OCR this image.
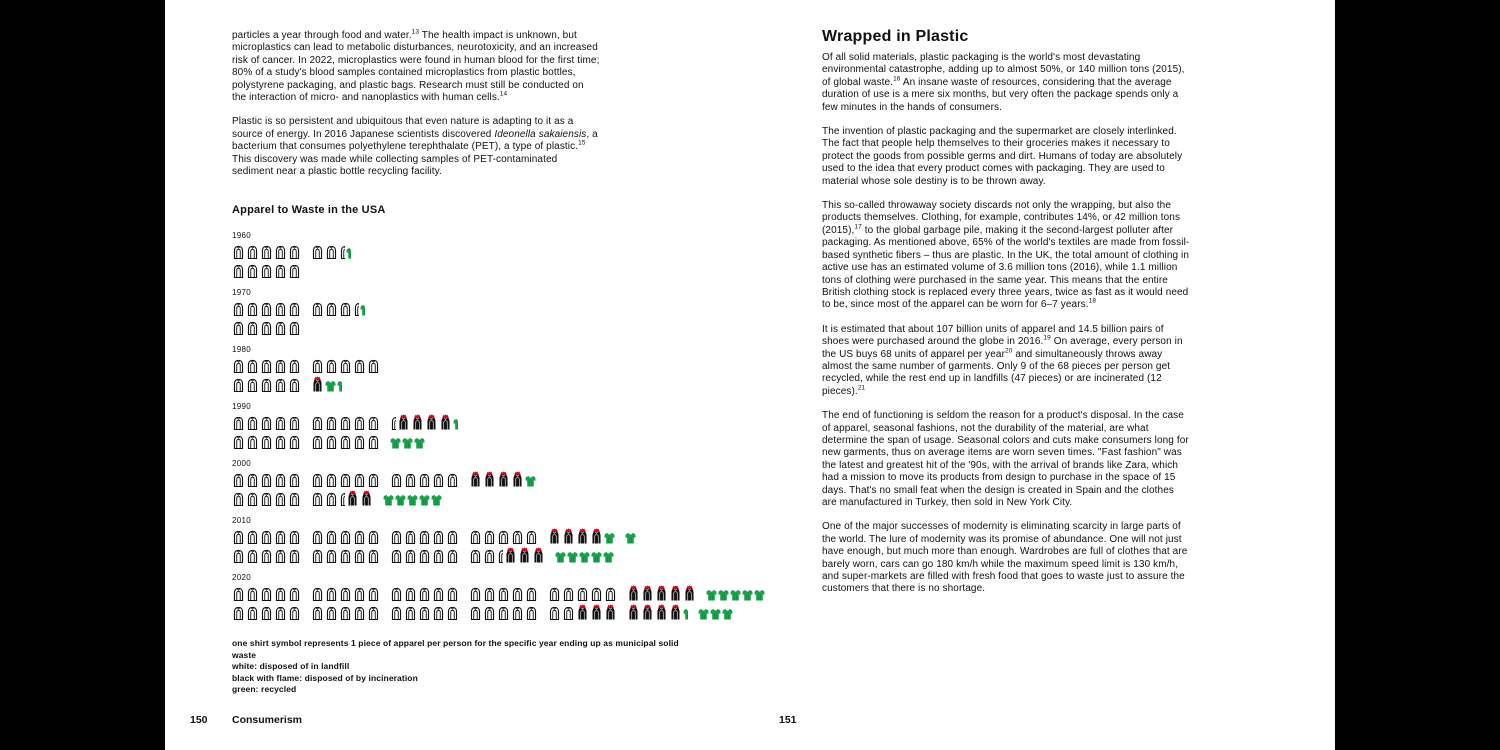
particles a year through food and water.$^{13}$ The health impact is unknown, but microplastics can lead to metabolic disturbances, neurotoxicity, and an increased risk of cancer. In 2022, microplastics were found in human blood for the first time; 80% of a study's blood samples contained microplastics from plastic bottles, polystyrene packaging, and plastic bags. Research must still be conducted on the interaction of micro- and nanoplastics with human cells.$^{14}$

Plastic is so persistent and ubiquitous that even nature is adapting to it as a source of energy. In 2016 Japanese scientists discovered Ideonella sakaiensis, a bacterium that consumes polyethylene terephthalate (PET), a type of plastic.$^{15}$ This discovery was made while collecting samples of PET-contaminated sediment near a plastic bottle recycling facility.

Apparel to Waste in the USA
1960
1970
1980
1990
2000
2010
2020
one shirt symbol represents 1 piece of apparel per person for the specific year ending up as municipal solid waste
white: disposed of in landfill
black with flame: disposed of by incineration
green: recycled
150 Consumerism
Wrapped in Plastic

Of all solid materials, plastic packaging is the world's most devastating environmental catastrophe, adding up to almost 50%, or 140 million tons (2015), of global waste.$^{16}$ An insane waste of resources, considering that the average duration of use is a mere six months, but very often the package spends only a few minutes in the hands of consumers.

The invention of plastic packaging and the supermarket are closely interlinked. The fact that people help themselves to their groceries makes it necessary to protect the goods from possible germs and dirt. Humans of today are absolutely used to the idea that every product comes with packaging. They are used to material whose sole destiny is to be thrown away.

This so-called throwaway society discards not only the wrapping, but also the products themselves. Clothing, for example, contributes 14%, or 42 million tons (2015),$^{17}$ to the global garbage pile, making it the second-largest polluter after packaging. As mentioned above, 65% of the world's textiles are made from fossil-based synthetic fibers – thus are plastic. In the UK, the total amount of clothing in active use has an estimated volume of 3.6 million tons (2016), while 1.1 million tons of clothing were purchased in the same year. This means that the entire British clothing stock is replaced every three years, twice as fast as it would need to be, since most of the apparel can be worn for 6–7 years.$^{18}$

It is estimated that about 107 billion units of apparel and 14.5 billion pairs of shoes were purchased around the globe in 2016.19 On average, every person in the US buys 68 units of apparel per year$^{20}$ and simultaneously throws away almost the same number of garments. Only 9 of the 68 pieces per person get recycled, while the rest end up in landfills (47 pieces) or are incinerated (12 pieces).$^{21}$

The end of functioning is seldom the reason for a product's disposal. In the case of apparel, seasonal fashions, not the durability of the material, are what determine the span of usage. Seasonal colors and cuts make consumers long for new garments, thus on average items are worn seven times. "Fast fashion" was the latest and greatest hit of the '90s, with the arrival of brands like Zara, which had a mission to move its products from design to purchase in the space of 15 days. That's no small feat when the design is created in Spain and the clothes are manufactured in Turkey, then sold in New York City.

One of the major successes of modernity is eliminating scarcity in large parts of the world. The lure of modernity was its promise of abundance. One will not just have enough, but much more than enough. Wardrobes are full of clothes that are barely worn, cars can go 180 km/h while the maximum speed limit is 130 km/h, and super-markets are filled with fresh food that goes to waste just to assure the customers that there is no shortage.

151
